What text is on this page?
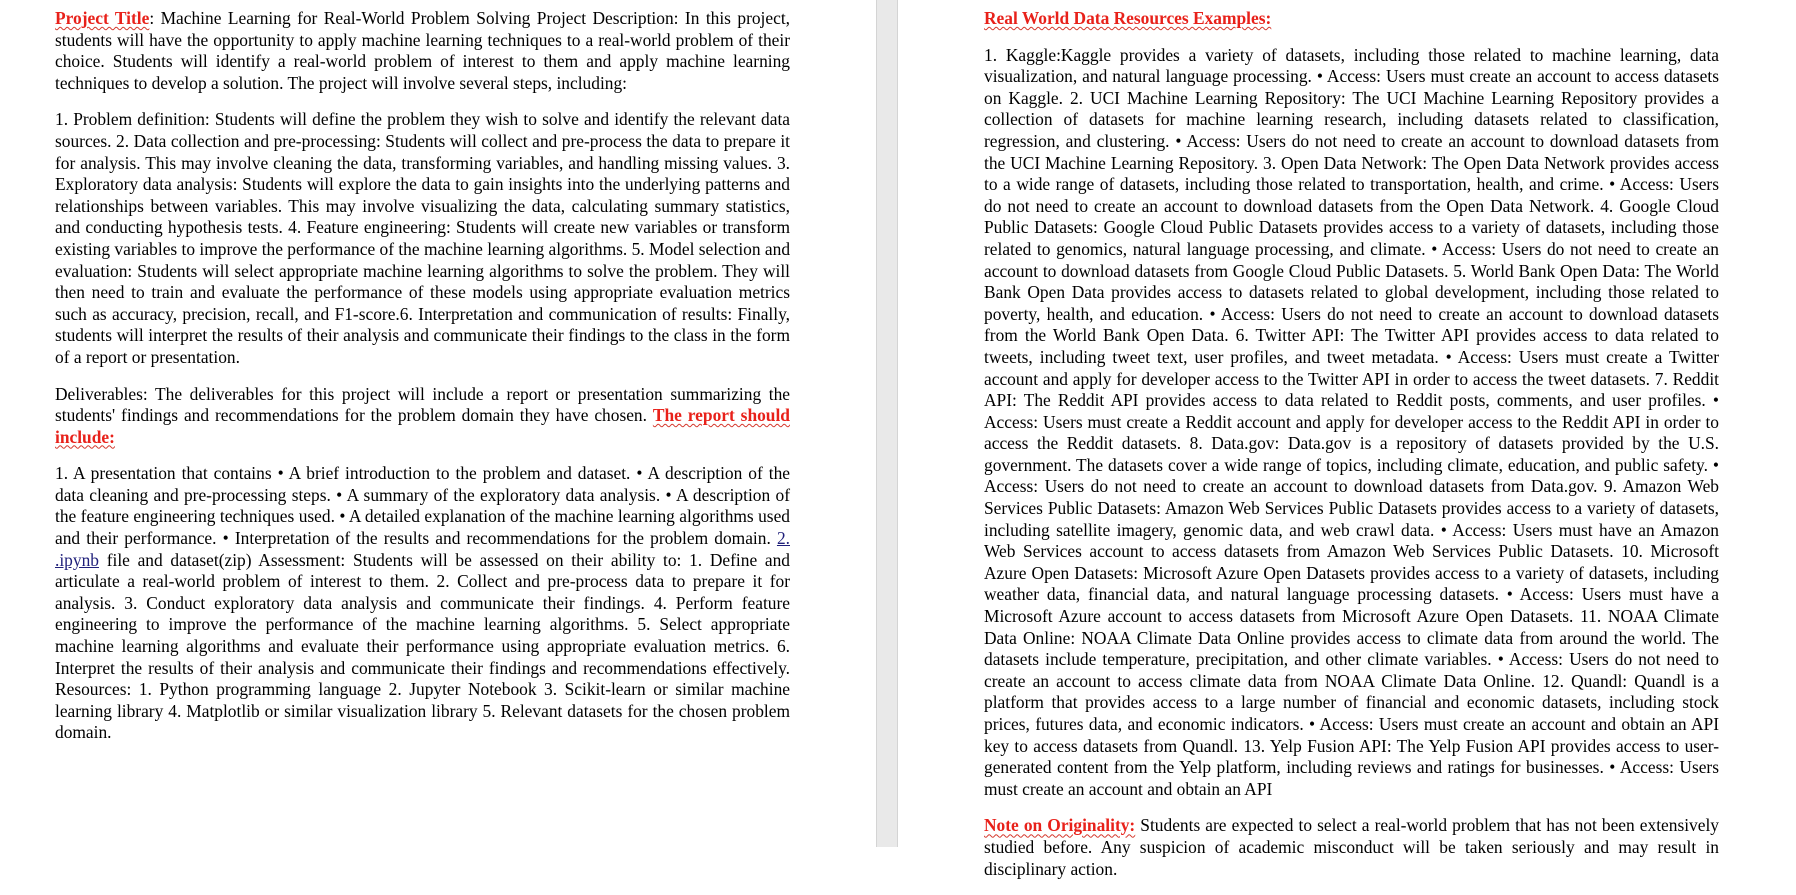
Project Title: Machine Learning for Real-World Problem Solving Project Description: In this project, students will have the opportunity to apply machine learning techniques to a real-world problem of their choice. Students will identify a real-world problem of interest to them and apply machine learning techniques to develop a solution. The project will involve several steps, including:

1. Problem definition: Students will define the problem they wish to solve and identify the relevant data sources. 2. Data collection and pre-processing: Students will collect and pre-process the data to prepare it for analysis. This may involve cleaning the data, transforming variables, and handling missing values. 3. Exploratory data analysis: Students will explore the data to gain insights into the underlying patterns and relationships between variables. This may involve visualizing the data, calculating summary statistics, and conducting hypothesis tests. 4. Feature engineering: Students will create new variables or transform existing variables to improve the performance of the machine learning algorithms. 5. Model selection and evaluation: Students will select appropriate machine learning algorithms to solve the problem. They will then need to train and evaluate the performance of these models using appropriate evaluation metrics such as accuracy, precision, recall, and F1-score.6. Interpretation and communication of results: Finally, students will interpret the results of their analysis and communicate their findings to the class in the form of a report or presentation.

Deliverables: The deliverables for this project will include a report or presentation summarizing the students' findings and recommendations for the problem domain they have chosen. The report should include:

1. A presentation that contains • A brief introduction to the problem and dataset. • A description of the data cleaning and pre-processing steps. • A summary of the exploratory data analysis. • A description of the feature engineering techniques used. • A detailed explanation of the machine learning algorithms used and their performance. • Interpretation of the results and recommendations for the problem domain. 2. .ipynb file and dataset(zip) Assessment: Students will be assessed on their ability to: 1. Define and articulate a real-world problem of interest to them. 2. Collect and pre-process data to prepare it for analysis. 3. Conduct exploratory data analysis and communicate their findings. 4. Perform feature engineering to improve the performance of the machine learning algorithms. 5. Select appropriate machine learning algorithms and evaluate their performance using appropriate evaluation metrics. 6. Interpret the results of their analysis and communicate their findings and recommendations effectively. Resources: 1. Python programming language 2. Jupyter Notebook 3. Scikit-learn or similar machine learning library 4. Matplotlib or similar visualization library 5. Relevant datasets for the chosen problem domain.

Real World Data Resources Examples:

1. Kaggle:Kaggle provides a variety of datasets, including those related to machine learning, data visualization, and natural language processing. • Access: Users must create an account to access datasets on Kaggle. 2. UCI Machine Learning Repository: The UCI Machine Learning Repository provides a collection of datasets for machine learning research, including datasets related to classification, regression, and clustering. • Access: Users do not need to create an account to download datasets from the UCI Machine Learning Repository. 3. Open Data Network: The Open Data Network provides access to a wide range of datasets, including those related to transportation, health, and crime. • Access: Users do not need to create an account to download datasets from the Open Data Network. 4. Google Cloud Public Datasets: Google Cloud Public Datasets provides access to a variety of datasets, including those related to genomics, natural language processing, and climate. • Access: Users do not need to create an account to download datasets from Google Cloud Public Datasets. 5. World Bank Open Data: The World Bank Open Data provides access to datasets related to global development, including those related to poverty, health, and education. • Access: Users do not need to create an account to download datasets from the World Bank Open Data. 6. Twitter API: The Twitter API provides access to data related to tweets, including tweet text, user profiles, and tweet metadata. • Access: Users must create a Twitter account and apply for developer access to the Twitter API in order to access the tweet datasets. 7. Reddit API: The Reddit API provides access to data related to Reddit posts, comments, and user profiles. • Access: Users must create a Reddit account and apply for developer access to the Reddit API in order to access the Reddit datasets. 8. Data.gov: Data.gov is a repository of datasets provided by the U.S. government. The datasets cover a wide range of topics, including climate, education, and public safety. • Access: Users do not need to create an account to download datasets from Data.gov. 9. Amazon Web Services Public Datasets: Amazon Web Services Public Datasets provides access to a variety of datasets, including satellite imagery, genomic data, and web crawl data. • Access: Users must have an Amazon Web Services account to access datasets from Amazon Web Services Public Datasets. 10. Microsoft Azure Open Datasets: Microsoft Azure Open Datasets provides access to a variety of datasets, including weather data, financial data, and natural language processing datasets. • Access: Users must have a Microsoft Azure account to access datasets from Microsoft Azure Open Datasets. 11. NOAA Climate Data Online: NOAA Climate Data Online provides access to climate data from around the world. The datasets include temperature, precipitation, and other climate variables. • Access: Users do not need to create an account to access climate data from NOAA Climate Data Online. 12. Quandl: Quandl is a platform that provides access to a large number of financial and economic datasets, including stock prices, futures data, and economic indicators. • Access: Users must create an account and obtain an API key to access datasets from Quandl. 13. Yelp Fusion API: The Yelp Fusion API provides access to user-generated content from the Yelp platform, including reviews and ratings for businesses. • Access: Users must create an account and obtain an API

Note on Originality: Students are expected to select a real-world problem that has not been extensively studied before. Any suspicion of academic misconduct will be taken seriously and may result in disciplinary action.
